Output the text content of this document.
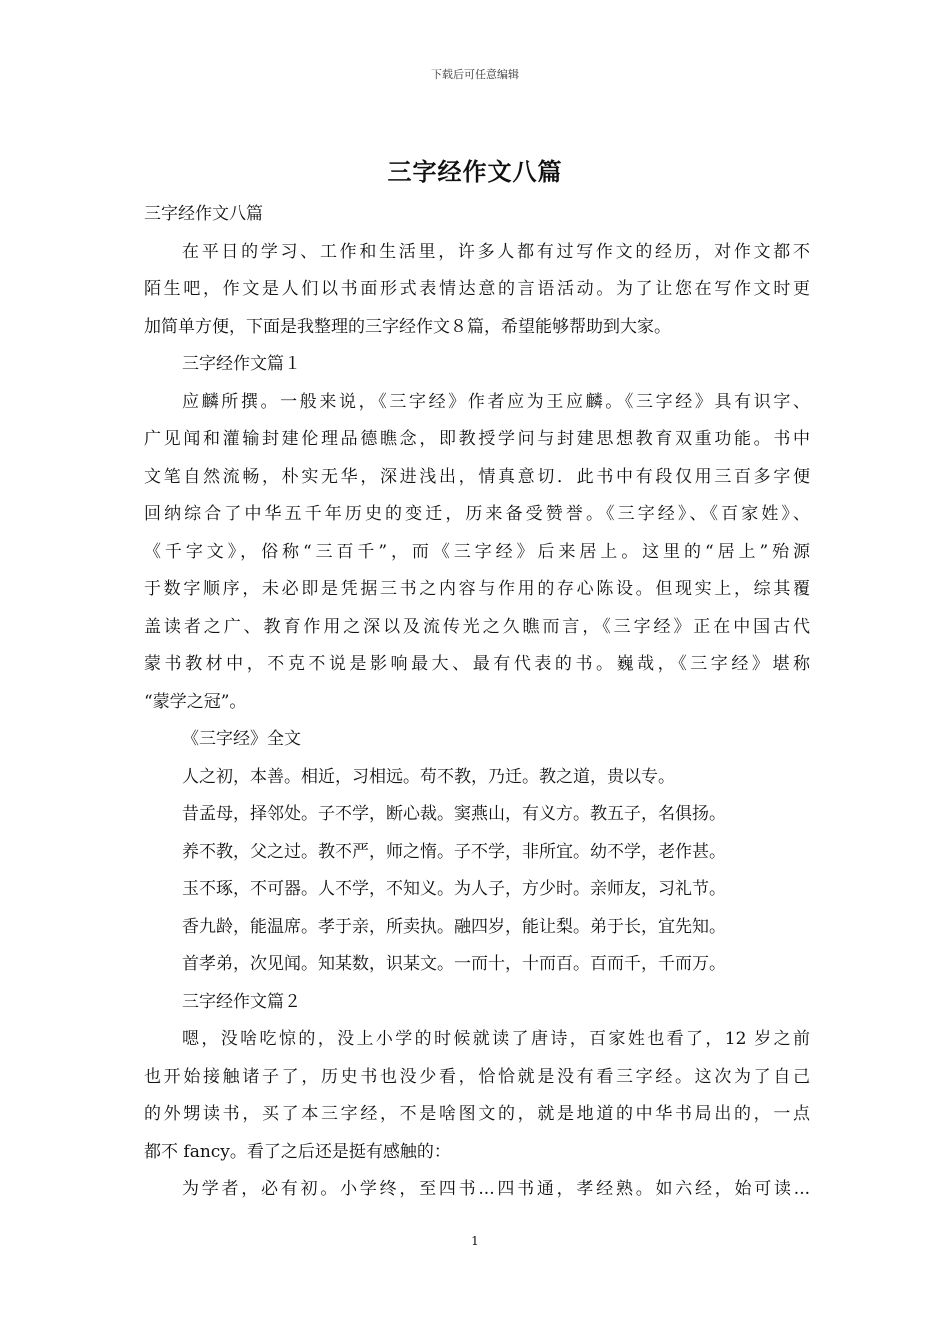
下载后可任意编辑
三字经作文八篇
三字经作文八篇
在平日的学习、工作和生活里，许多人都有过写作文的经历，对作文都不
陌生吧，作文是人们以书面形式表情达意的言语活动。为了让您在写作文时更
加简单方便，下面是我整理的三字经作文８篇，希望能够帮助到大家。
三字经作文篇１
应麟所撰。一般来说，《三字经》作者应为王应麟。《三字经》具有识字、
广见闻和灌输封建伦理品德瞧念，即教授学问与封建思想教育双重功能。书中
文笔自然流畅，朴实无华，深进浅出，情真意切．此书中有段仅用三百多字便
回纳综合了中华五千年历史的变迁，历来备受赞誉。《三字经》、《百家姓》、
《千字文》，俗称“三百千”，而《三字经》后来居上。这里的“居上”殆源
于数字顺序，未必即是凭据三书之内容与作用的存心陈设。但现实上，综其覆
盖读者之广、教育作用之深以及流传光之久瞧而言，《三字经》正在中国古代
蒙书教材中，不克不说是影响最大、最有代表的书。巍哉，《三字经》堪称
“蒙学之冠”。
《三字经》全文
人之初，本善。相近，习相远。苟不教，乃迁。教之道，贵以专。
昔孟母，择邻处。子不学，断心裁。窦燕山，有义方。教五子，名俱扬。
养不教，父之过。教不严，师之惰。子不学，非所宜。幼不学，老作甚。
玉不琢，不可器。人不学，不知义。为人子，方少时。亲师友，习礼节。
香九龄，能温席。孝于亲，所卖执。融四岁，能让梨。弟于长，宜先知。
首孝弟，次见闻。知某数，识某文。一而十，十而百。百而千，千而万。
三字经作文篇２
嗯，没啥吃惊的，没上小学的时候就读了唐诗，百家姓也看了，12 岁之前
也开始接触诸子了，历史书也没少看，恰恰就是没有看三字经。这次为了自己
的外甥读书，买了本三字经，不是啥图文的，就是地道的中华书局出的，一点
都不 fancy。看了之后还是挺有感触的：
为学者，必有初。小学终，至四书...四书通，孝经熟。如六经，始可读...
1
